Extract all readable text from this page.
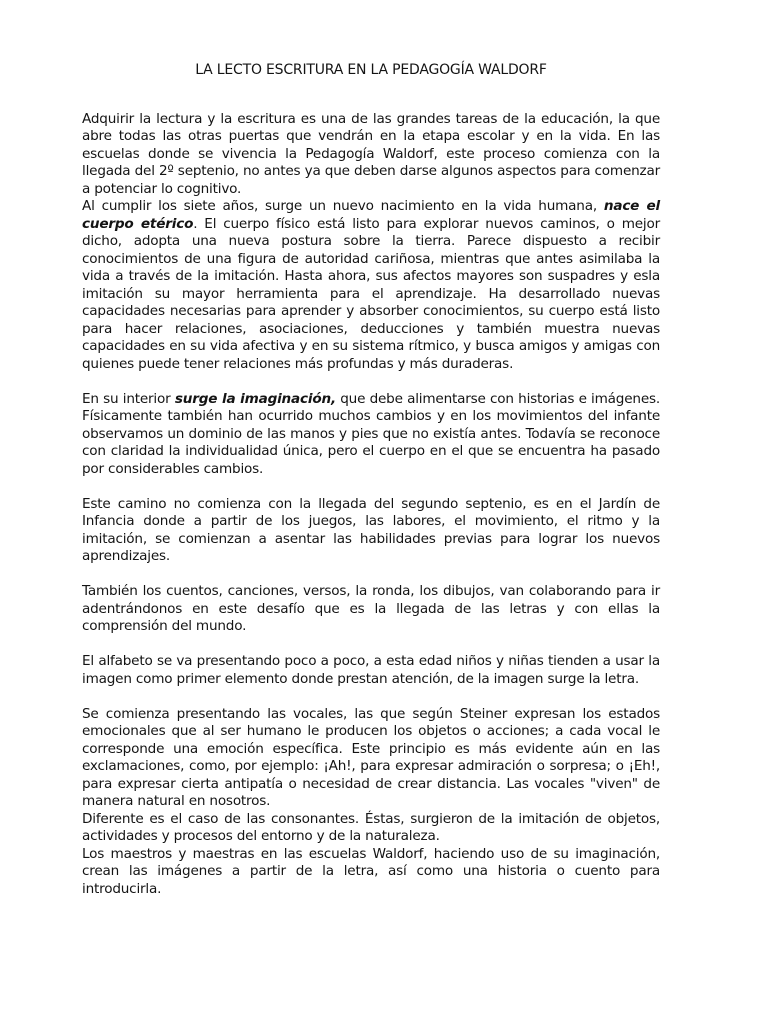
LA LECTO ESCRITURA EN LA PEDAGOGÍA WALDORF

Adquirir la lectura y la escritura es una de las grandes tareas de la educación, la que abre todas las otras puertas que vendrán en la etapa escolar y en la vida. En las escuelas donde se vivencia la Pedagogía Waldorf, este proceso comienza con la llegada del 2º septenio, no antes ya que deben darse algunos aspectos para comenzar a potenciar lo cognitivo.

Al cumplir los siete años, surge un nuevo nacimiento en la vida humana, nace el cuerpo etérico. El cuerpo físico está listo para explorar nuevos caminos, o mejor dicho, adopta una nueva postura sobre la tierra. Parece dispuesto a recibir conocimientos de una figura de autoridad cariñosa, mientras que antes asimilaba la vida a través de la imitación. Hasta ahora, sus afectos mayores son suspadres y esla imitación su mayor herramienta para el aprendizaje. Ha desarrollado nuevas capacidades necesarias para aprender y absorber conocimientos, su cuerpo está listo para hacer relaciones, asociaciones, deducciones y también muestra nuevas capacidades en su vida afectiva y en su sistema rítmico, y busca amigos y amigas con quienes puede tener relaciones más profundas y más duraderas.

En su interior surge la imaginación, que debe alimentarse con historias e imágenes. Físicamente también han ocurrido muchos cambios y en los movimientos del infante observamos un dominio de las manos y pies que no existía antes. Todavía se reconoce con claridad la individualidad única, pero el cuerpo en el que se encuentra ha pasado por considerables cambios.

Este camino no comienza con la llegada del segundo septenio, es en el Jardín de Infancia donde a partir de los juegos, las labores, el movimiento, el ritmo y la imitación, se comienzan a asentar las habilidades previas para lograr los nuevos aprendizajes.

También los cuentos, canciones, versos, la ronda, los dibujos, van colaborando para ir adentrándonos en este desafío que es la llegada de las letras y con ellas la comprensión del mundo.

El alfabeto se va presentando poco a poco, a esta edad niños y niñas tienden a usar la imagen como primer elemento donde prestan atención, de la imagen surge la letra.

Se comienza presentando las vocales, las que según Steiner expresan los estados emocionales que al ser humano le producen los objetos o acciones; a cada vocal le corresponde una emoción específica. Este principio es más evidente aún en las exclamaciones, como, por ejemplo: ¡Ah!, para expresar admiración o sorpresa; o ¡Eh!, para expresar cierta antipatía o necesidad de crear distancia. Las vocales "viven" de manera natural en nosotros.

Diferente es el caso de las consonantes. Éstas, surgieron de la imitación de objetos, actividades y procesos del entorno y de la naturaleza.

Los maestros y maestras en las escuelas Waldorf, haciendo uso de su imaginación, crean las imágenes a partir de la letra, así como una historia o cuento para introducirla.
